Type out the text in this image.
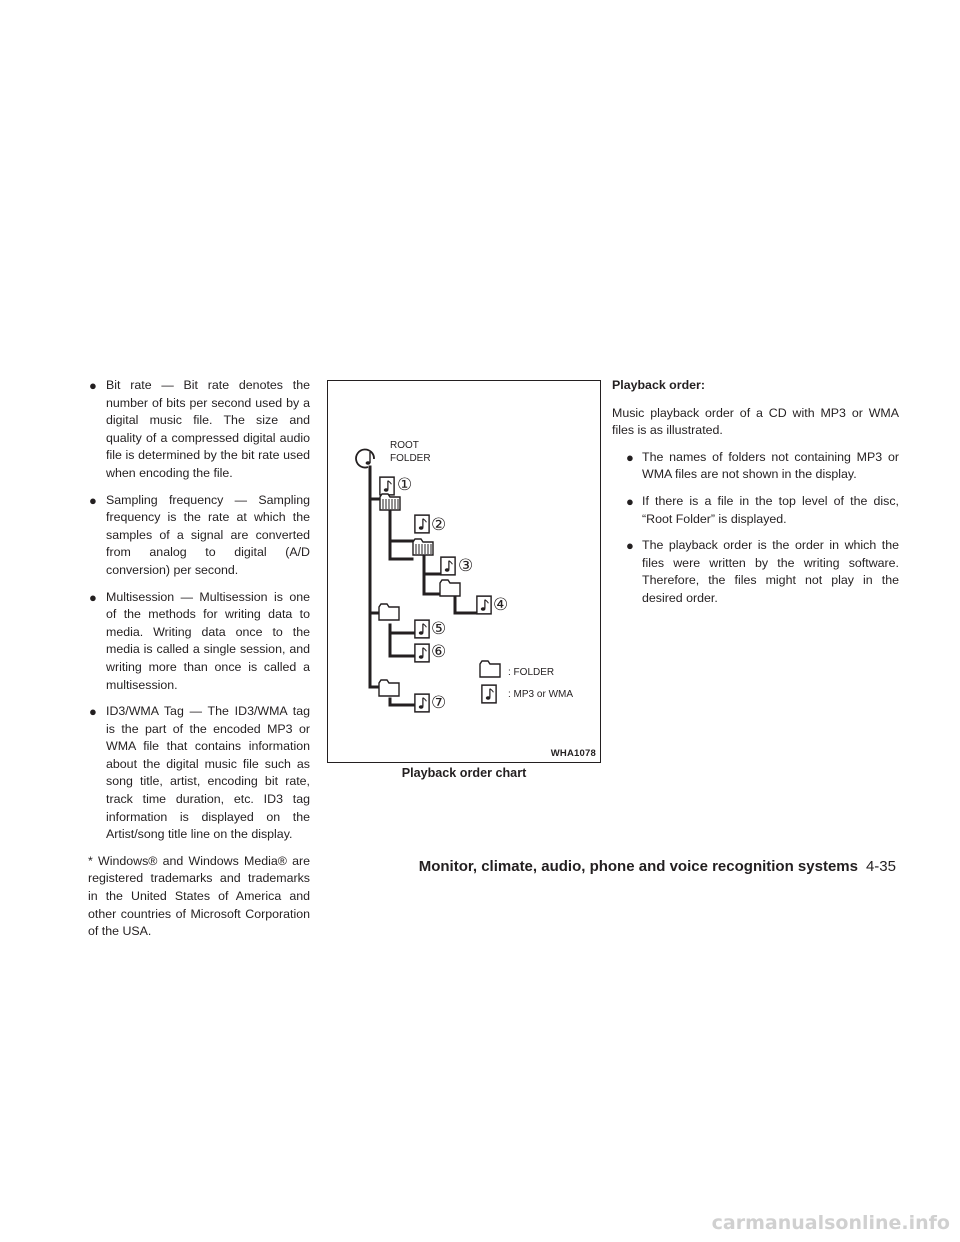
● Bit rate — Bit rate denotes the number of bits per second used by a digital music file. The size and quality of a compressed digital audio file is determined by the bit rate used when encoding the file.
● Sampling frequency — Sampling frequency is the rate at which the samples of a signal are converted from analog to digital (A/D conversion) per second.
● Multisession — Multisession is one of the methods for writing data to media. Writing data once to the media is called a single session, and writing more than once is called a multisession.
● ID3/WMA Tag — The ID3/WMA tag is the part of the encoded MP3 or WMA file that contains information about the digital music file such as song title, artist, encoding bit rate, track time duration, etc. ID3 tag information is displayed on the Artist/song title line on the display.

* Windows® and Windows Media® are registered trademarks and trademarks in the United States of America and other countries of Microsoft Corporation of the USA.

ROOT
FOLDER
①
②
③
④
⑤
⑥
⑦
: FOLDER
: MP3 or WMA
WHA1078
Playback order chart

Playback order:

Music playback order of a CD with MP3 or WMA files is as illustrated.

● The names of folders not containing MP3 or WMA files are not shown in the display.
● If there is a file in the top level of the disc, “Root Folder” is displayed.
● The playback order is the order in which the files were written by the writing software. Therefore, the files might not play in the desired order.
Monitor, climate, audio, phone and voice recognition systems 4-35
carmanualsonline.info
